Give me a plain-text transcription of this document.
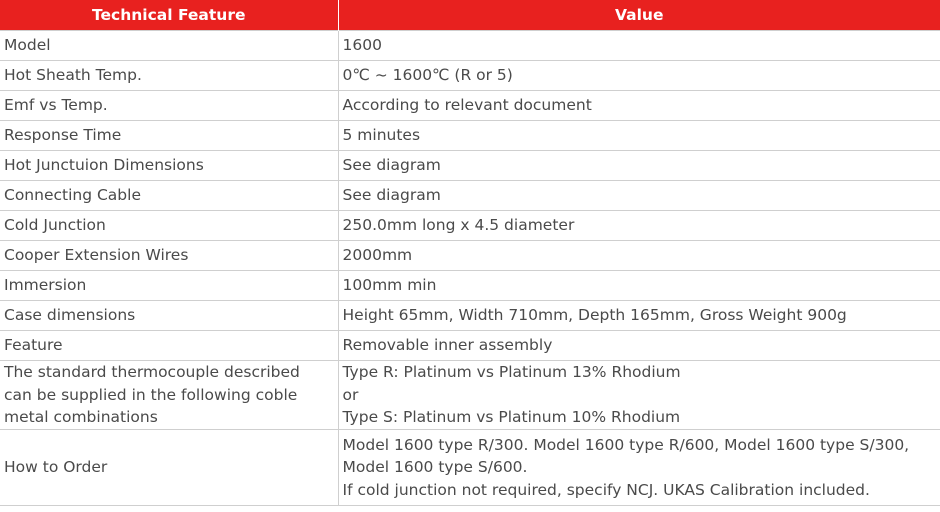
Technical Feature	Value

Model	1600

Hot Sheath Temp.	0℃ ~ 1600℃ (R or 5)

Emf vs Temp.	According to relevant document

Response Time	5 minutes

Hot Junctuion Dimensions	See diagram

Connecting Cable	See diagram

Cold Junction	250.0mm long x 4.5 diameter

Cooper Extension Wires	2000mm

Immersion	100mm min

Case dimensions	Height 65mm, Width 710mm, Depth 165mm, Gross Weight 900g

Feature	Removable inner assembly

The standard thermocouple described
can be supplied in the following coble
metal combinations	Type R: Platinum vs Platinum 13% Rhodium
or
Type S: Platinum vs Platinum 10% Rhodium

How to Order	Model 1600 type R/300. Model 1600 type R/600, Model 1600 type S/300,
Model 1600 type S/600.
If cold junction not required, specify NCJ. UKAS Calibration included.
